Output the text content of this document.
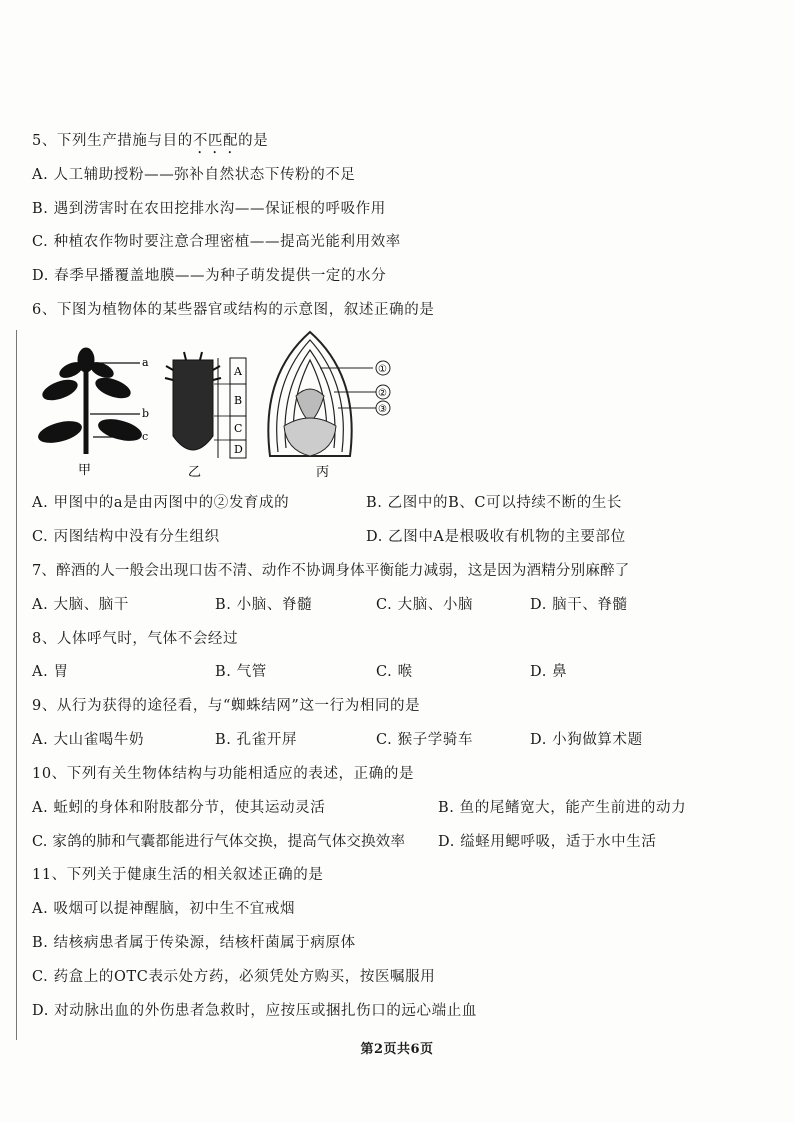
5、下列生产措施与目的不匹配的是
A. 人工辅助授粉——弥补自然状态下传粉的不足
B. 遇到涝害时在农田挖排水沟——保证根的呼吸作用
C. 种植农作物时要注意合理密植——提高光能利用效率
D. 春季早播覆盖地膜——为种子萌发提供一定的水分
6、下图为植物体的某些器官或结构的示意图，叙述正确的是
a
b
c
甲
A
B
C
D
乙
①
②
③
丙
A. 甲图中的a是由丙图中的②发育成的	B. 乙图中的B、C可以持续不断的生长
C. 丙图结构中没有分生组织	D. 乙图中A是根吸收有机物的主要部位
7、醉酒的人一般会出现口齿不清、动作不协调身体平衡能力减弱，这是因为酒精分别麻醉了
A. 大脑、脑干	B. 小脑、脊髓	C. 大脑、小脑	D. 脑干、脊髓
8、人体呼气时，气体不会经过
A. 胃	B. 气管	C. 喉	D. 鼻
9、从行为获得的途径看，与“蜘蛛结网”这一行为相同的是
A. 大山雀喝牛奶	B. 孔雀开屏	C. 猴子学骑车	D. 小狗做算术题
10、下列有关生物体结构与功能相适应的表述，正确的是
A. 蚯蚓的身体和附肢都分节，使其运动灵活	B. 鱼的尾鳍宽大，能产生前进的动力
C. 家鸽的肺和气囊都能进行气体交换，提高气体交换效率 D. 缢蛏用鳃呼吸，适于水中生活
11、下列关于健康生活的相关叙述正确的是
A. 吸烟可以提神醒脑，初中生不宜戒烟
B. 结核病患者属于传染源，结核杆菌属于病原体
C. 药盒上的OTC表示处方药，必须凭处方购买，按医嘱服用
D. 对动脉出血的外伤患者急救时，应按压或捆扎伤口的远心端止血
第2页共6页
